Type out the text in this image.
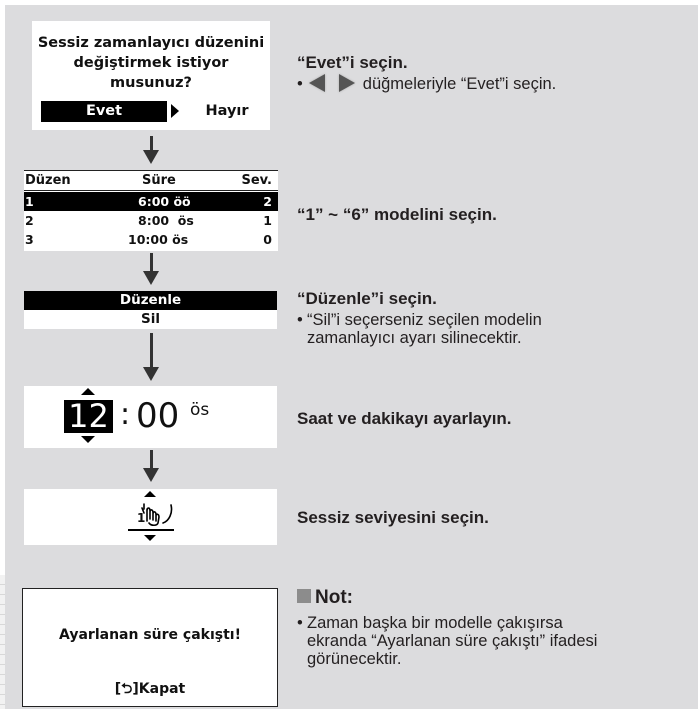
Sessiz zamanlayıcı düzenini
değiştirmek istiyor musunuz?
Evet	Hayır
Düzen	Süre	Sev.
1	6:00 öö	2
2	8:00  ös	1
3	10:00 ös	0
Düzenle
Sil
12 : 00 ös
1
Ayarlanan süre çakıştı!
[⮌]Kapat
“Evet”i seçin.
•	düğmeleriyle “Evet”i seçin.
“1” ~ “6” modelini seçin.
“Düzenle”i seçin.
• “Sil”i seçerseniz seçilen modelin
zamanlayıcı ayarı silinecektir.
Saat ve dakikayı ayarlayın.
Sessiz seviyesini seçin.
Not:
• Zaman başka bir modelle çakışırsa
ekranda “Ayarlanan süre çakıştı” ifadesi
görünecektir.
